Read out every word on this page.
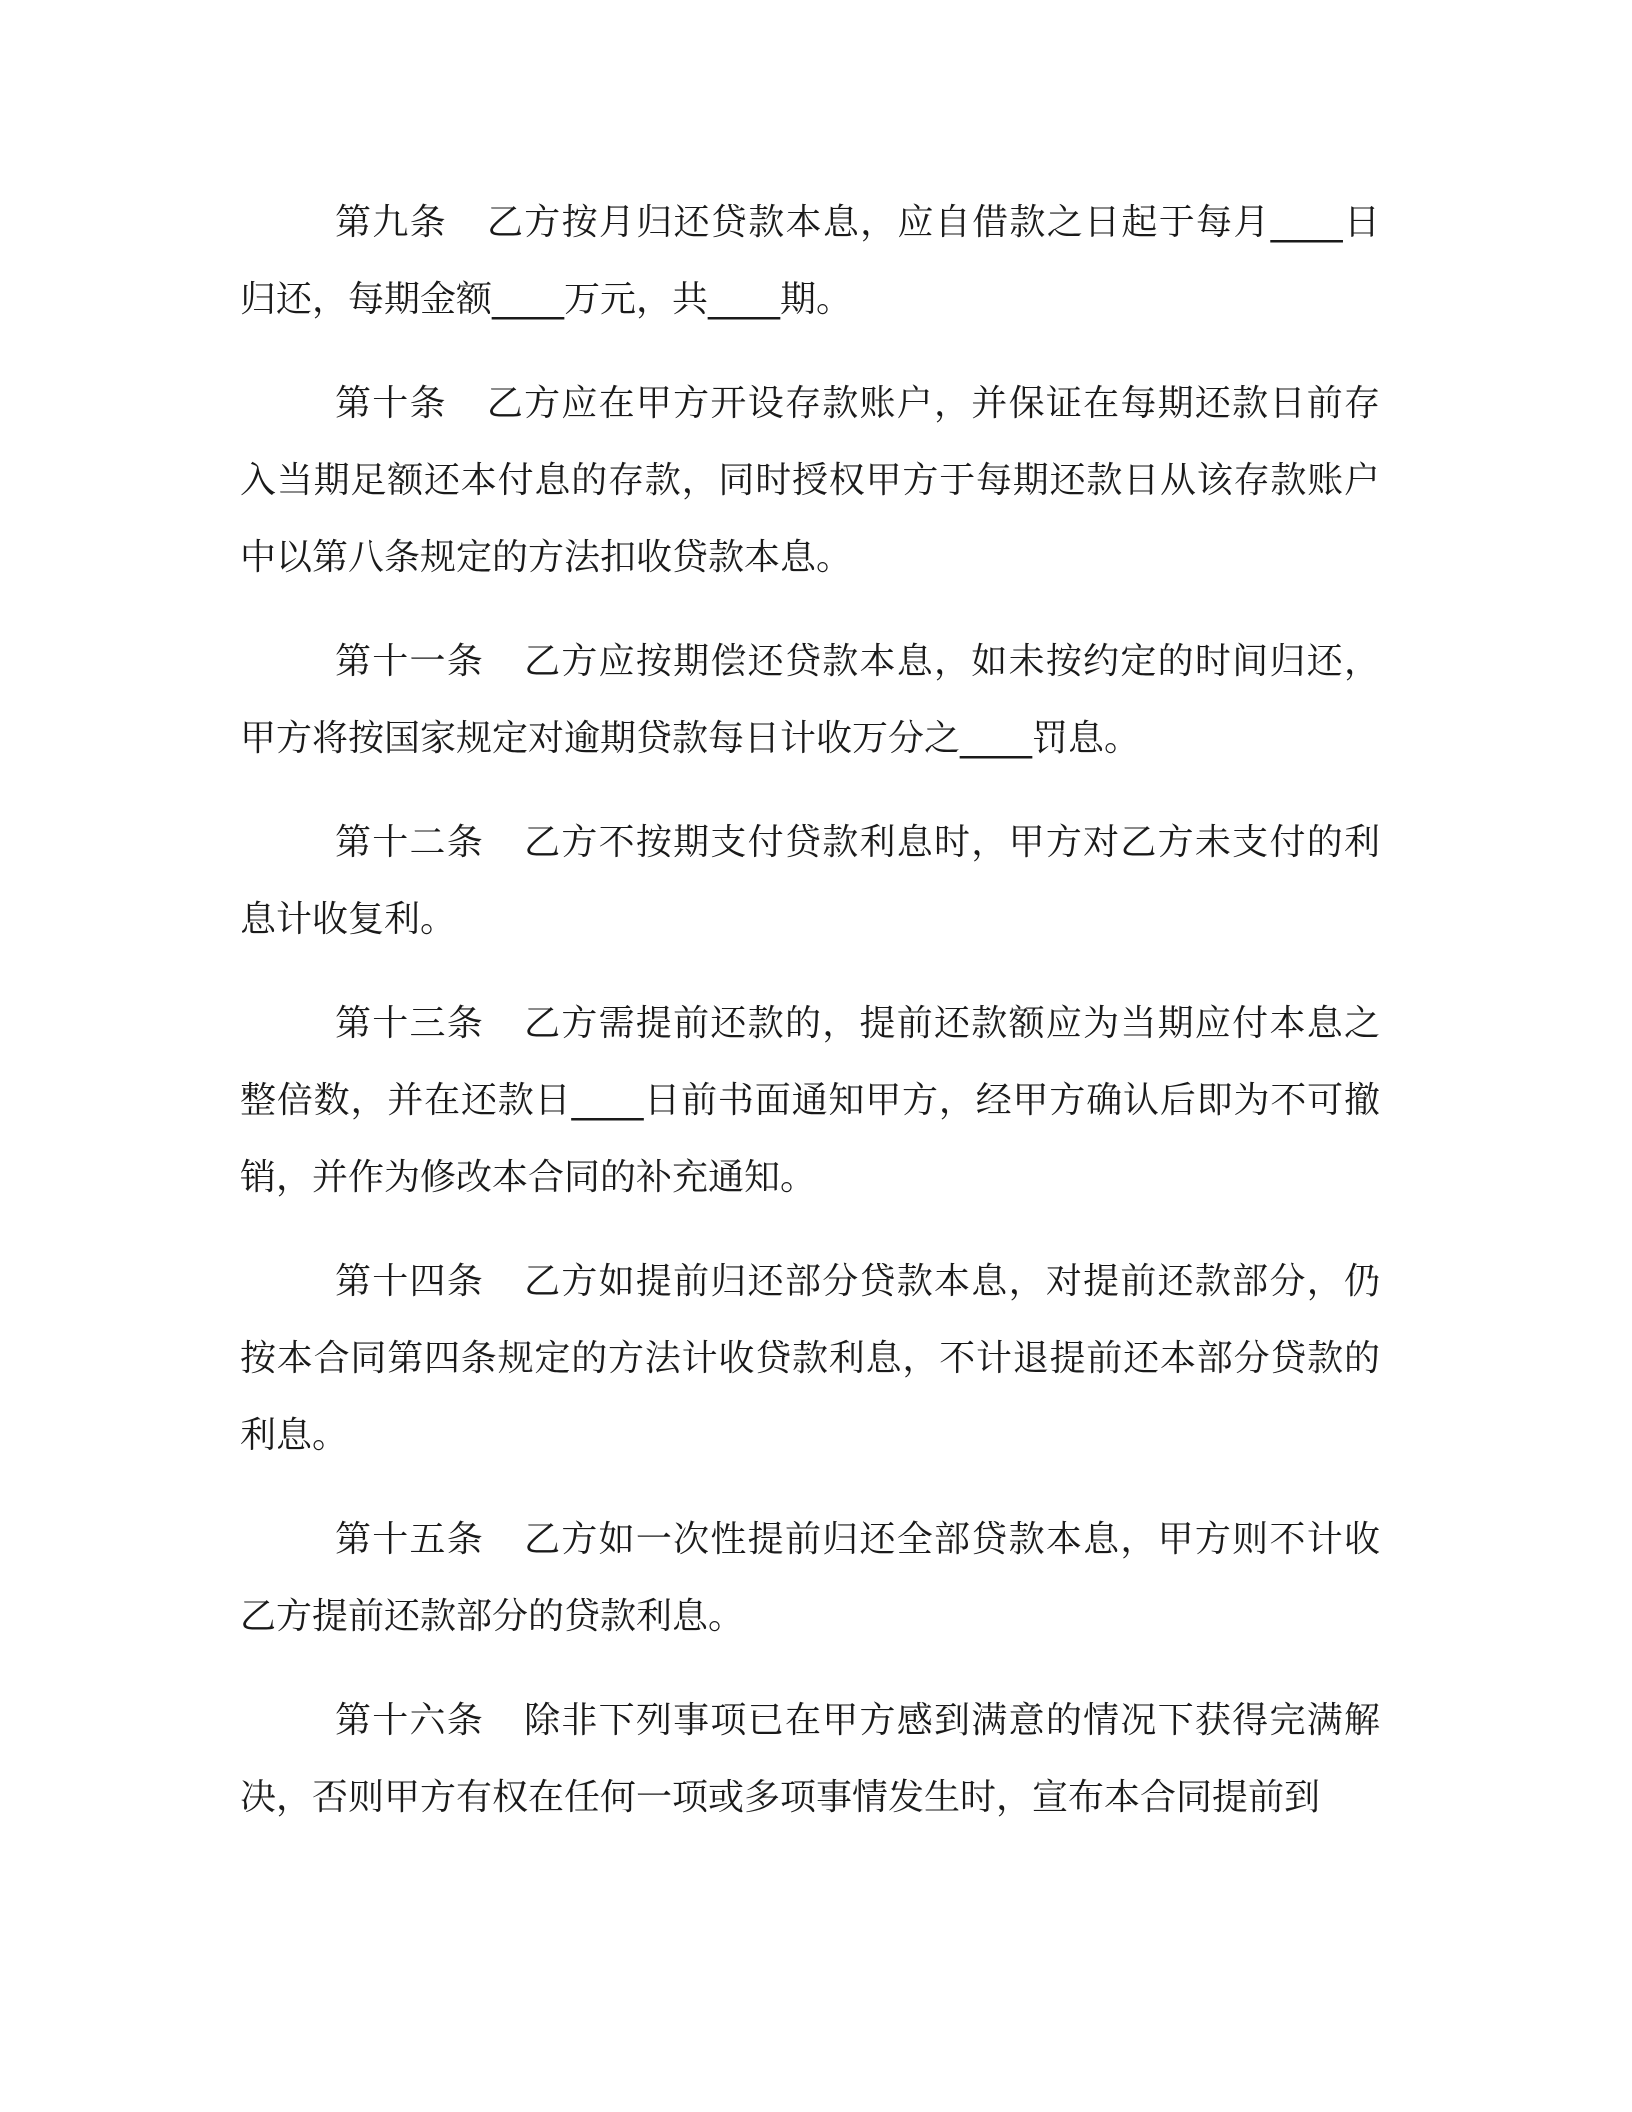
第九条 乙方按月归还贷款本息，应自借款之日起于每月____日归还，每期金额____万元，共____期。

第十条 乙方应在甲方开设存款账户，并保证在每期还款日前存入当期足额还本付息的存款，同时授权甲方于每期还款日从该存款账户中以第八条规定的方法扣收贷款本息。

第十一条 乙方应按期偿还贷款本息，如未按约定的时间归还，甲方将按国家规定对逾期贷款每日计收万分之____罚息。

第十二条 乙方不按期支付贷款利息时，甲方对乙方未支付的利息计收复利。

第十三条 乙方需提前还款的，提前还款额应为当期应付本息之整倍数，并在还款日____日前书面通知甲方，经甲方确认后即为不可撤销，并作为修改本合同的补充通知。

第十四条 乙方如提前归还部分贷款本息，对提前还款部分，仍按本合同第四条规定的方法计收贷款利息，不计退提前还本部分贷款的利息。

第十五条 乙方如一次性提前归还全部贷款本息，甲方则不计收乙方提前还款部分的贷款利息。

第十六条 除非下列事项已在甲方感到满意的情况下获得完满解决，否则甲方有权在任何一项或多项事情发生时，宣布本合同提前到
